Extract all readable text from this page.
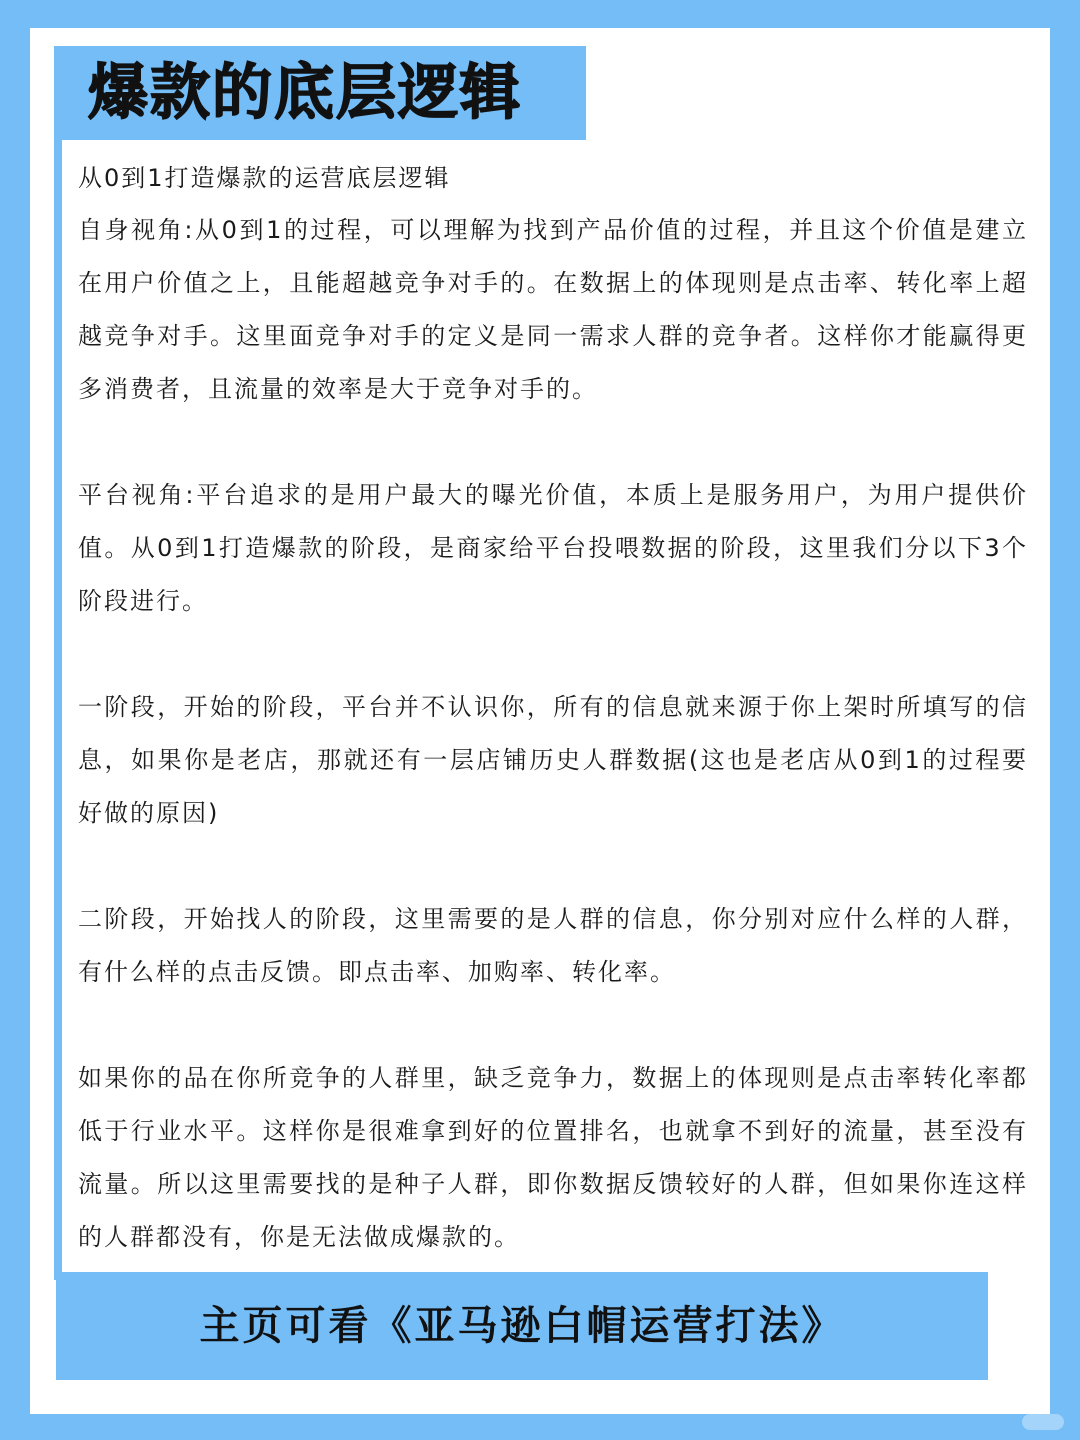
爆款的底层逻辑

从0到1打造爆款的运营底层逻辑

自身视角:从0到1的过程，可以理解为找到产品价值的过程，并且这个价值是建立在用户价值之上，且能超越竞争对手的。在数据上的体现则是点击率、转化率上超越竞争对手。这里面竞争对手的定义是同一需求人群的竞争者。这样你才能赢得更多消费者，且流量的效率是大于竞争对手的。

平台视角:平台追求的是用户最大的曝光价值，本质上是服务用户，为用户提供价值。从0到1打造爆款的阶段，是商家给平台投喂数据的阶段，这里我们分以下3个阶段进行。

一阶段，开始的阶段，平台并不认识你，所有的信息就来源于你上架时所填写的信息，如果你是老店，那就还有一层店铺历史人群数据(这也是老店从0到1的过程要好做的原因)

二阶段，开始找人的阶段，这里需要的是人群的信息，你分别对应什么样的人群，有什么样的点击反馈。即点击率、加购率、转化率。

如果你的品在你所竞争的人群里，缺乏竞争力，数据上的体现则是点击率转化率都低于行业水平。这样你是很难拿到好的位置排名，也就拿不到好的流量，甚至没有流量。所以这里需要找的是种子人群，即你数据反馈较好的人群，但如果你连这样的人群都没有，你是无法做成爆款的。

主页可看《亚马逊白帽运营打法》
